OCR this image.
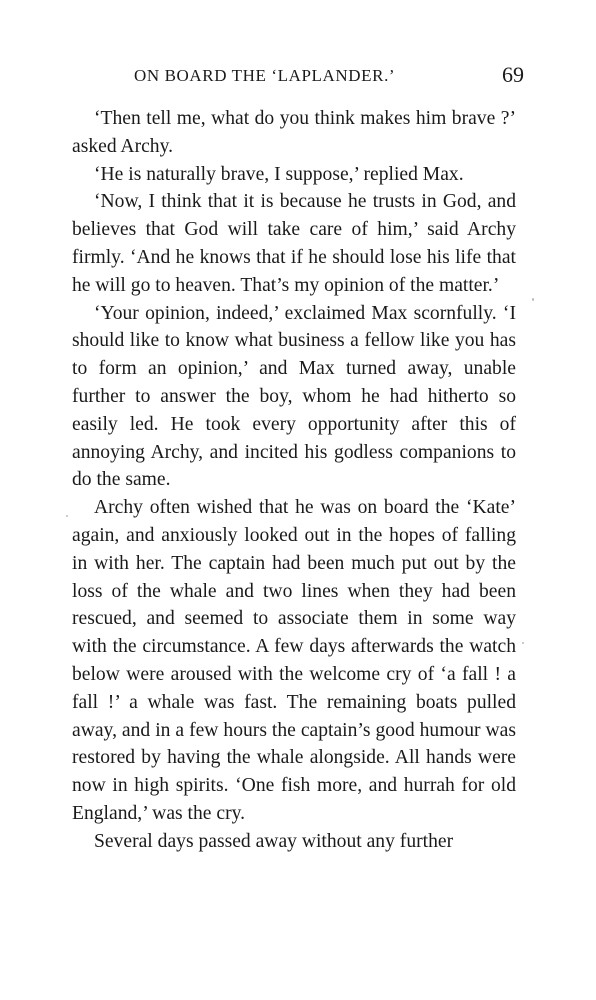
ON BOARD THE ‘LAPLANDER.’	69

‘Then tell me, what do you think makes him brave ?’ asked Archy.

‘He is naturally brave, I suppose,’ replied Max.

‘Now, I think that it is because he trusts in God, and believes that God will take care of him,’ said Archy firmly. ‘And he knows that if he should lose his life that he will go to heaven. That’s my opinion of the matter.’

‘Your opinion, indeed,’ exclaimed Max scornfully. ‘I should like to know what business a fellow like you has to form an opinion,’ and Max turned away, unable further to answer the boy, whom he had hitherto so easily led. He took every opportunity after this of annoying Archy, and incited his godless companions to do the same.

Archy often wished that he was on board the ‘Kate’ again, and anxiously looked out in the hopes of falling in with her. The captain had been much put out by the loss of the whale and two lines when they had been rescued, and seemed to associate them in some way with the circumstance. A few days afterwards the watch below were aroused with the welcome cry of ‘a fall ! a fall !’ a whale was fast. The remaining boats pulled away, and in a few hours the captain’s good humour was restored by having the whale alongside. All hands were now in high spirits. ‘One fish more, and hurrah for old England,’ was the cry.

Several days passed away without any further
